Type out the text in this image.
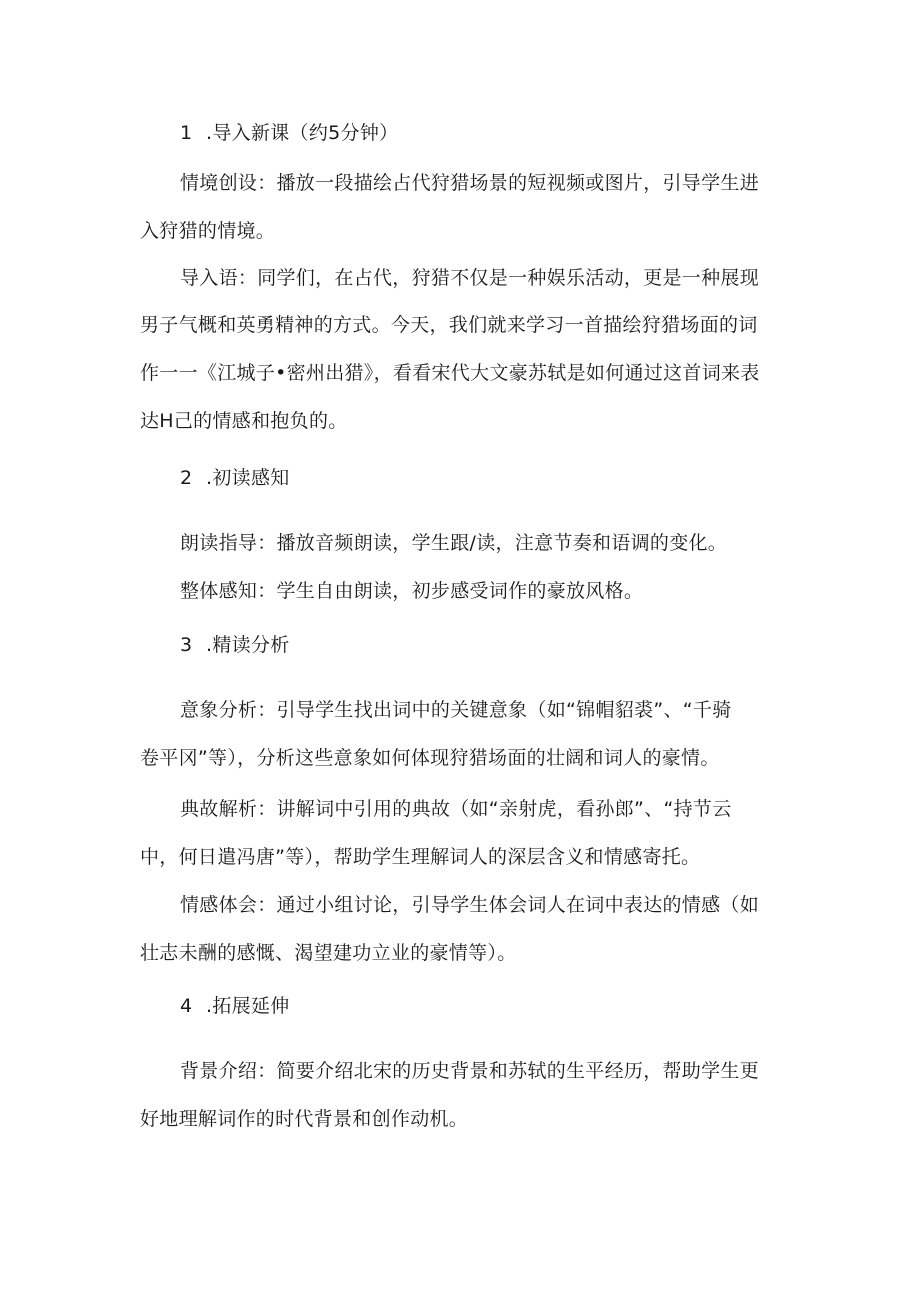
1 .导入新课（约5分钟）
情境创设：播放一段描绘占代狩猎场景的短视频或图片，引导学生进
入狩猎的情境。
导入语：同学们，在占代，狩猎不仅是一种娱乐活动，更是一种展现
男子气概和英勇精神的方式。今天，我们就来学习一首描绘狩猎场面的词
作一一《江城子•密州出猎》，看看宋代大文豪苏轼是如何通过这首词来表
达H己的情感和抱负的。
2 .初读感知
朗读指导：播放音频朗读，学生跟/读，注意节奏和语调的变化。
整体感知：学生自由朗读，初步感受词作的豪放风格。
3 .精读分析
意象分析：引导学生找出词中的关键意象（如“锦帽貂裘”、“千骑
卷平冈”等），分析这些意象如何体现狩猎场面的壮阔和词人的豪情。
典故解析：讲解词中引用的典故（如“亲射虎，看孙郎”、“持节云
中，何日遣冯唐”等），帮助学生理解词人的深层含义和情感寄托。
情感体会：通过小组讨论，引导学生体会词人在词中表达的情感（如
壮志未酬的感慨、渴望建功立业的豪情等）。
4 .拓展延伸
背景介绍：简要介绍北宋的历史背景和苏轼的生平经历，帮助学生更
好地理解词作的时代背景和创作动机。
